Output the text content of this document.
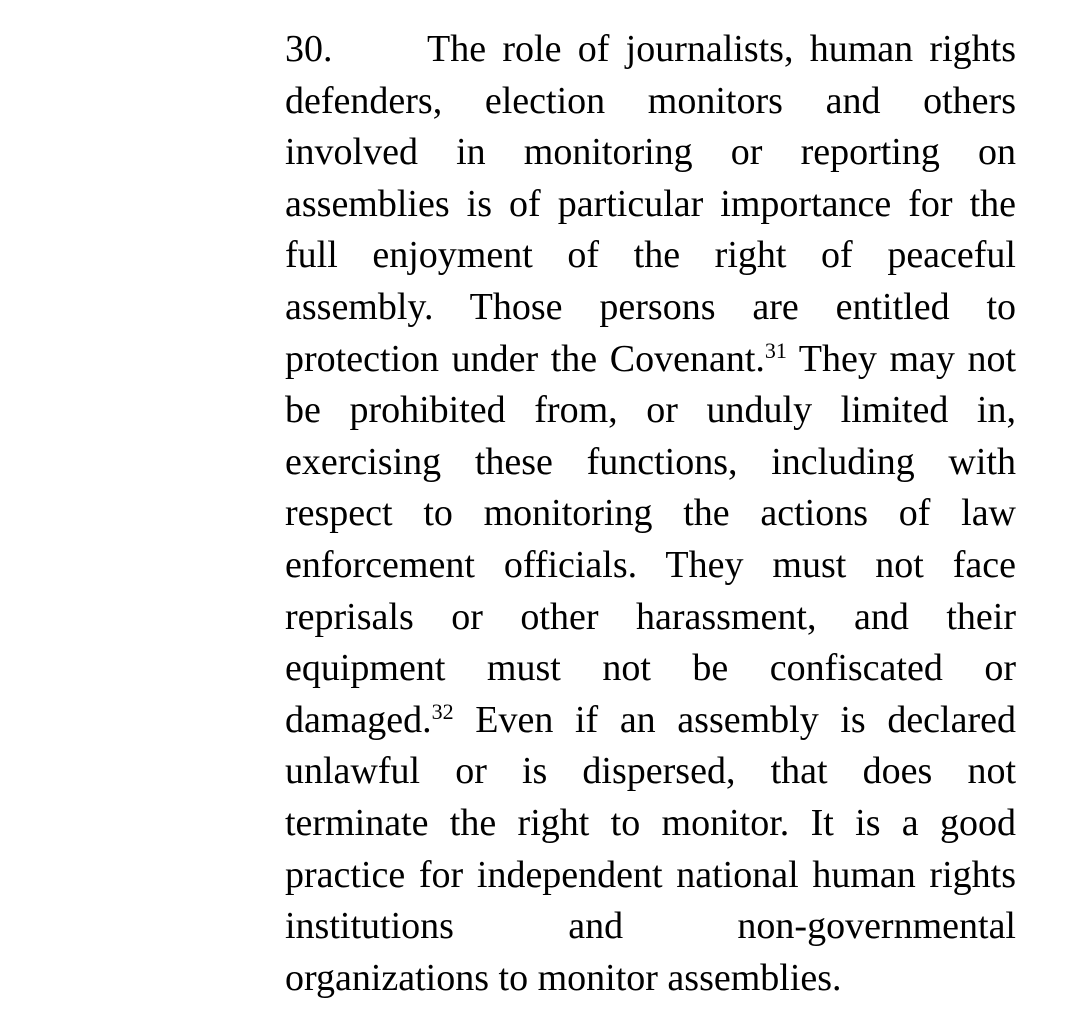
30. The role of journalists, human rights
defenders, election monitors and others
involved in monitoring or reporting on
assemblies is of particular importance for the
full enjoyment of the right of peaceful
assembly. Those persons are entitled to
protection under the Covenant.$^{31}$ They may not
be prohibited from, or unduly limited in,
exercising these functions, including with
respect to monitoring the actions of law
enforcement officials. They must not face
reprisals or other harassment, and their
equipment must not be confiscated or
damaged.$^{32}$ Even if an assembly is declared
unlawful or is dispersed, that does not
terminate the right to monitor. It is a good
practice for independent national human rights
institutions and non-governmental
organizations to monitor assemblies.
